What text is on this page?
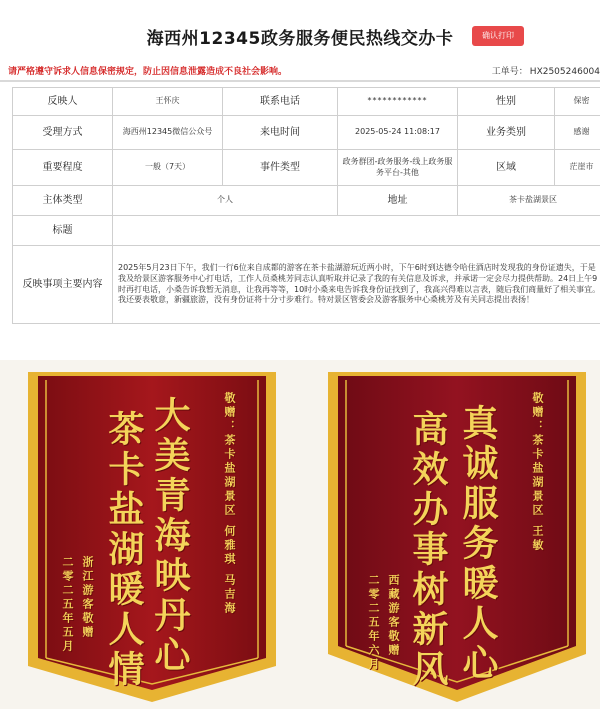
海西州12345政务服务便民热线交办卡	确认打印
请严格遵守诉求人信息保密规定，防止因信息泄露造成不良社会影响。	工单号： HX2505246004
反映人	王怀庆	联系电话	************	性别	保密
受理方式	海西州12345微信公众号	来电时间	2025-05-24 11:08:17	业务类别	感谢
重要程度	一般（7天）	事件类型	政务群团-政务服务-线上政务服务平台-其他	区域	茫崖市
主体类型	个人		地址	茶卡盐湖景区	
标题					
反映事项主要内容	2025年5月23日下午，我们一行6位来自成都的游客在茶卡盐湖游玩近两小时，下午6时到达德令哈住酒店时发现我的身份证遗失，于是我及给景区游客服务中心打电话，工作人员桑桃芳同志认真听取并记录了我的有关信息及诉求，并承诺一定会尽力提供帮助。24日上午9时再打电话，小桑告诉我暂无消息，让我再等等，10时小桑来电告诉我身份证找到了，我高兴得难以言表，随后我们商量好了相关事宜。我还要表敬意，新疆旅游，没有身份证将十分寸步难行。特对景区管委会及游客服务中心桑桃芳及有关同志提出表扬！				
敬赠：茶卡盐湖景区 何雅琪 马吉海
大美青海映丹心
茶卡盐湖暖人情
浙江游客敬赠
二零二五年五月
敬赠：茶卡盐湖景区 王敏
真诚服务暖人心
高效办事树新风
西藏游客敬赠
二零二五年六月
